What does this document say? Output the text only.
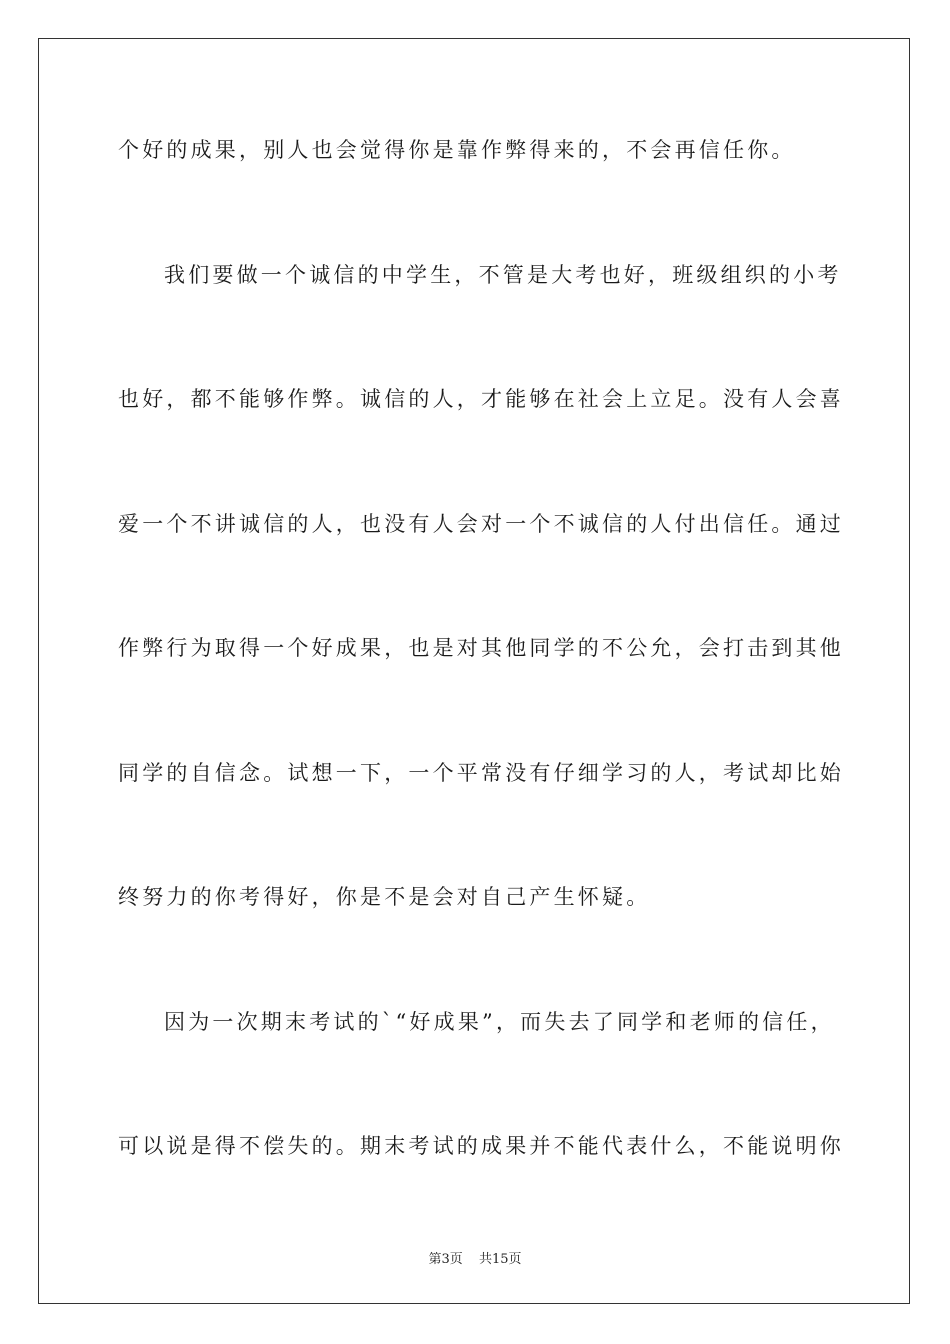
个好的成果，别人也会觉得你是靠作弊得来的，不会再信任你。
我们要做一个诚信的中学生，不管是大考也好，班级组织的小考
也好，都不能够作弊。诚信的人，才能够在社会上立足。没有人会喜
爱一个不讲诚信的人，也没有人会对一个不诚信的人付出信任。通过
作弊行为取得一个好成果，也是对其他同学的不公允，会打击到其他
同学的自信念。试想一下，一个平常没有仔细学习的人，考试却比始
终努力的你考得好，你是不是会对自己产生怀疑。
因为一次期末考试的`“好成果”，而失去了同学和老师的信任，
可以说是得不偿失的。期末考试的成果并不能代表什么，不能说明你
第3页 共15页
